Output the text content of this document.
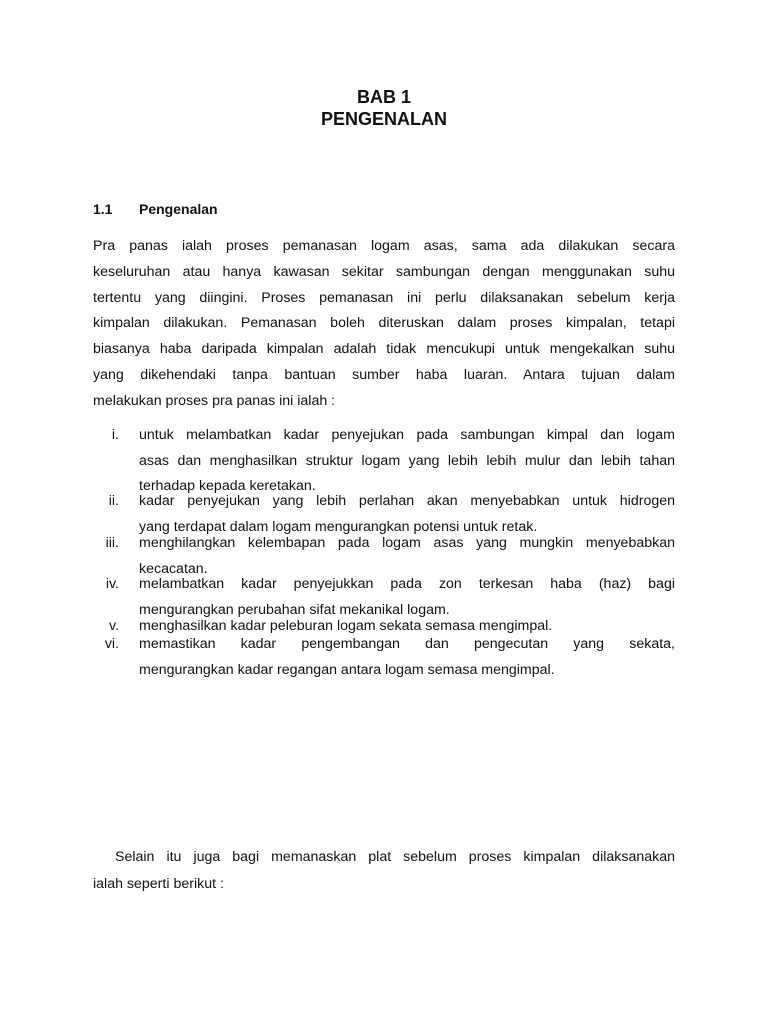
BAB 1
PENGENALAN
1.1 Pengenalan
Pra panas ialah proses pemanasan logam asas, sama ada dilakukan secara
keseluruhan atau hanya kawasan sekitar sambungan dengan menggunakan suhu
tertentu yang diingini. Proses pemanasan ini perlu dilaksanakan sebelum kerja
kimpalan dilakukan. Pemanasan boleh diteruskan dalam proses kimpalan, tetapi
biasanya haba daripada kimpalan adalah tidak mencukupi untuk mengekalkan suhu
yang dikehendaki tanpa bantuan sumber haba luaran. Antara tujuan dalam
melakukan proses pra panas ini ialah :
i. untuk melambatkan kadar penyejukan pada sambungan kimpal dan logam
asas dan menghasilkan struktur logam yang lebih lebih mulur dan lebih tahan
terhadap kepada keretakan.
ii. kadar penyejukan yang lebih perlahan akan menyebabkan untuk hidrogen
yang terdapat dalam logam mengurangkan potensi untuk retak.
iii. menghilangkan kelembapan pada logam asas yang mungkin menyebabkan
kecacatan.
iv. melambatkan kadar penyejukkan pada zon terkesan haba (haz) bagi
mengurangkan perubahan sifat mekanikal logam.
v. menghasilkan kadar peleburan logam sekata semasa mengimpal.
vi. memastikan kadar pengembangan dan pengecutan yang sekata,
mengurangkan kadar regangan antara logam semasa mengimpal.
Selain itu juga bagi memanaskan plat sebelum proses kimpalan dilaksanakan
ialah seperti berikut :
